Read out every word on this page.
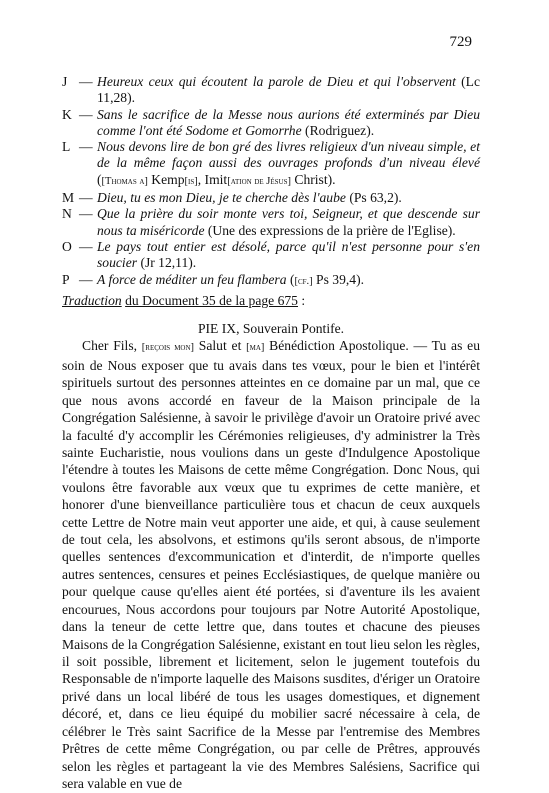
729
J — Heureux ceux qui écoutent la parole de Dieu et qui l'observent (Lc 11,28).
K — Sans le sacrifice de la Messe nous aurions été exterminés par Dieu comme l'ont été Sodome et Gomorrhe (Rodriguez).
L — Nous devons lire de bon gré des livres religieux d'un niveau simple, et de la même façon aussi des ouvrages profonds d'un niveau élevé ([Thomas a] Kemp[is], Imit[ation de Jésus] Christ).
M — Dieu, tu es mon Dieu, je te cherche dès l'aube (Ps 63,2).
N — Que la prière du soir monte vers toi, Seigneur, et que descende sur nous ta miséricorde (Une des expressions de la prière de l'Eglise).
O — Le pays tout entier est désolé, parce qu'il n'est personne pour s'en soucier (Jr 12,11).
P — A force de méditer un feu flambera ([cf.] Ps 39,4).
Traduction du Document 35 de la page 675 :
PIE IX, Souverain Pontife.

Cher Fils, [reçois mon] Salut et [ma] Bénédiction Apostolique. — Tu as eu soin de Nous exposer que tu avais dans tes vœux, pour le bien et l'intérêt spirituels surtout des personnes atteintes en ce domaine par un mal, que ce que nous avons accordé en faveur de la Maison principale de la Congrégation Salésienne, à savoir le privilège d'avoir un Oratoire privé avec la faculté d'y accomplir les Cérémonies religieuses, d'y administrer la Très sainte Eucharistie, nous voulions dans un geste d'Indulgence Apostolique l'étendre à toutes les Maisons de cette même Congrégation. Donc Nous, qui voulons être favorable aux vœux que tu exprimes de cette manière, et honorer d'une bienveillance particulière tous et chacun de ceux auxquels cette Lettre de Notre main veut apporter une aide, et qui, à cause seulement de tout cela, les absolvons, et estimons qu'ils seront absous, de n'importe quelles sentences d'excommunication et d'interdit, de n'importe quelles autres sentences, censures et peines Ecclésiastiques, de quelque manière ou pour quelque cause qu'elles aient été portées, si d'aventure ils les avaient encourues, Nous accordons pour toujours par Notre Autorité Apostolique, dans la teneur de cette lettre que, dans toutes et chacune des pieuses Maisons de la Congrégation Salésienne, existant en tout lieu selon les règles, il soit possible, librement et licitement, selon le jugement toutefois du Responsable de n'importe laquelle des Maisons susdites, d'ériger un Oratoire privé dans un local libéré de tous les usages domestiques, et dignement décoré, et, dans ce lieu équipé du mobilier sacré nécessaire à cela, de célébrer le Très saint Sacrifice de la Messe par l'entremise des Membres Prêtres de cette même Congrégation, ou par celle de Prêtres, approuvés selon les règles et partageant la vie des Membres Salésiens, Sacrifice qui sera valable en vue de
